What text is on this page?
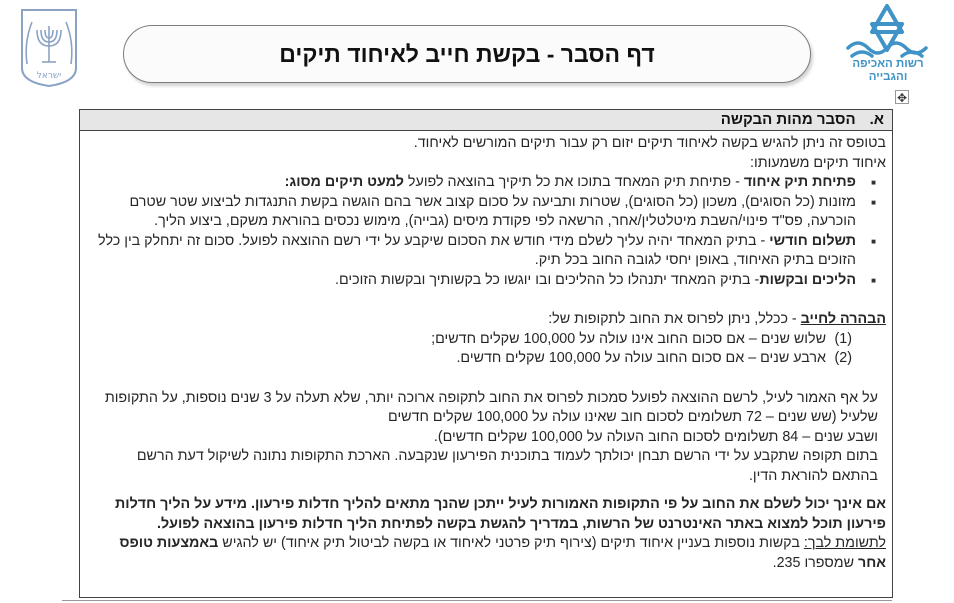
ישראל
רשות האכיפה
והגבייה
דף הסבר - בקשת חייב לאיחוד תיקים
✥
א.הסבר מהות הבקשה

בטופס זה ניתן להגיש בקשה לאיחוד תיקים יזום רק עבור תיקים המורשים לאיחוד.

איחוד תיקים משמעותו:

■ פתיחת תיק איחוד - פתיחת תיק המאחד בתוכו את כל תיקיך בהוצאה לפועל למעט תיקים מסוג:

■ מזונות (כל הסוגים), משכון (כל הסוגים), שטרות ותביעה על סכום קצוב אשר בהם הוגשה בקשת התנגדות לביצוע שטר שטרם הוכרעה, פס"ד פינוי/השבת מיטלטלין/אחר, הרשאה לפי פקודת מיסים (גבייה), מימוש נכסים בהוראת משקם, ביצוע הליך.

■ תשלום חודשי - בתיק המאחד יהיה עליך לשלם מידי חודש את הסכום שיקבע על ידי רשם ההוצאה לפועל. סכום זה יתחלק בין כלל הזוכים בתיק האיחוד, באופן יחסי לגובה החוב בכל תיק.

■ הליכים ובקשות- בתיק המאחד יתנהלו כל ההליכים ובו יוגשו כל בקשותיך ובקשות הזוכים.

הבהרה לחייב - ככלל, ניתן לפרוס את החוב לתקופות של:

(1) שלוש שנים – אם סכום החוב אינו עולה על 100,000 שקלים חדשים;

(2) ארבע שנים – אם סכום החוב עולה על 100,000 שקלים חדשים.

על אף האמור לעיל, לרשם ההוצאה לפועל סמכות לפרוס את החוב לתקופה ארוכה יותר, שלא תעלה על 3 שנים נוספות, על התקופות שלעיל (שש שנים – 72 תשלומים לסכום חוב שאינו עולה על 100,000 שקלים חדשים

ושבע שנים – 84 תשלומים לסכום החוב העולה על 100,000 שקלים חדשים).

בתום תקופה שתקבע על ידי הרשם תבחן יכולתך לעמוד בתוכנית הפירעון שנקבעה. הארכת התקופות נתונה לשיקול דעת הרשם בהתאם להוראת הדין.

אם אינך יכול לשלם את החוב על פי התקופות האמורות לעיל ייתכן שהנך מתאים להליך חדלות פירעון. מידע על הליך חדלות פירעון תוכל למצוא באתר האינטרנט של הרשות, במדריך להגשת בקשה לפתיחת הליך חדלות פירעון בהוצאה לפועל.

לתשומת לבך: בקשות נוספות בעניין איחוד תיקים (צירוף תיק פרטני לאיחוד או בקשה לביטול תיק איחוד) יש להגיש באמצעות טופס אחר שמספרו 235.
